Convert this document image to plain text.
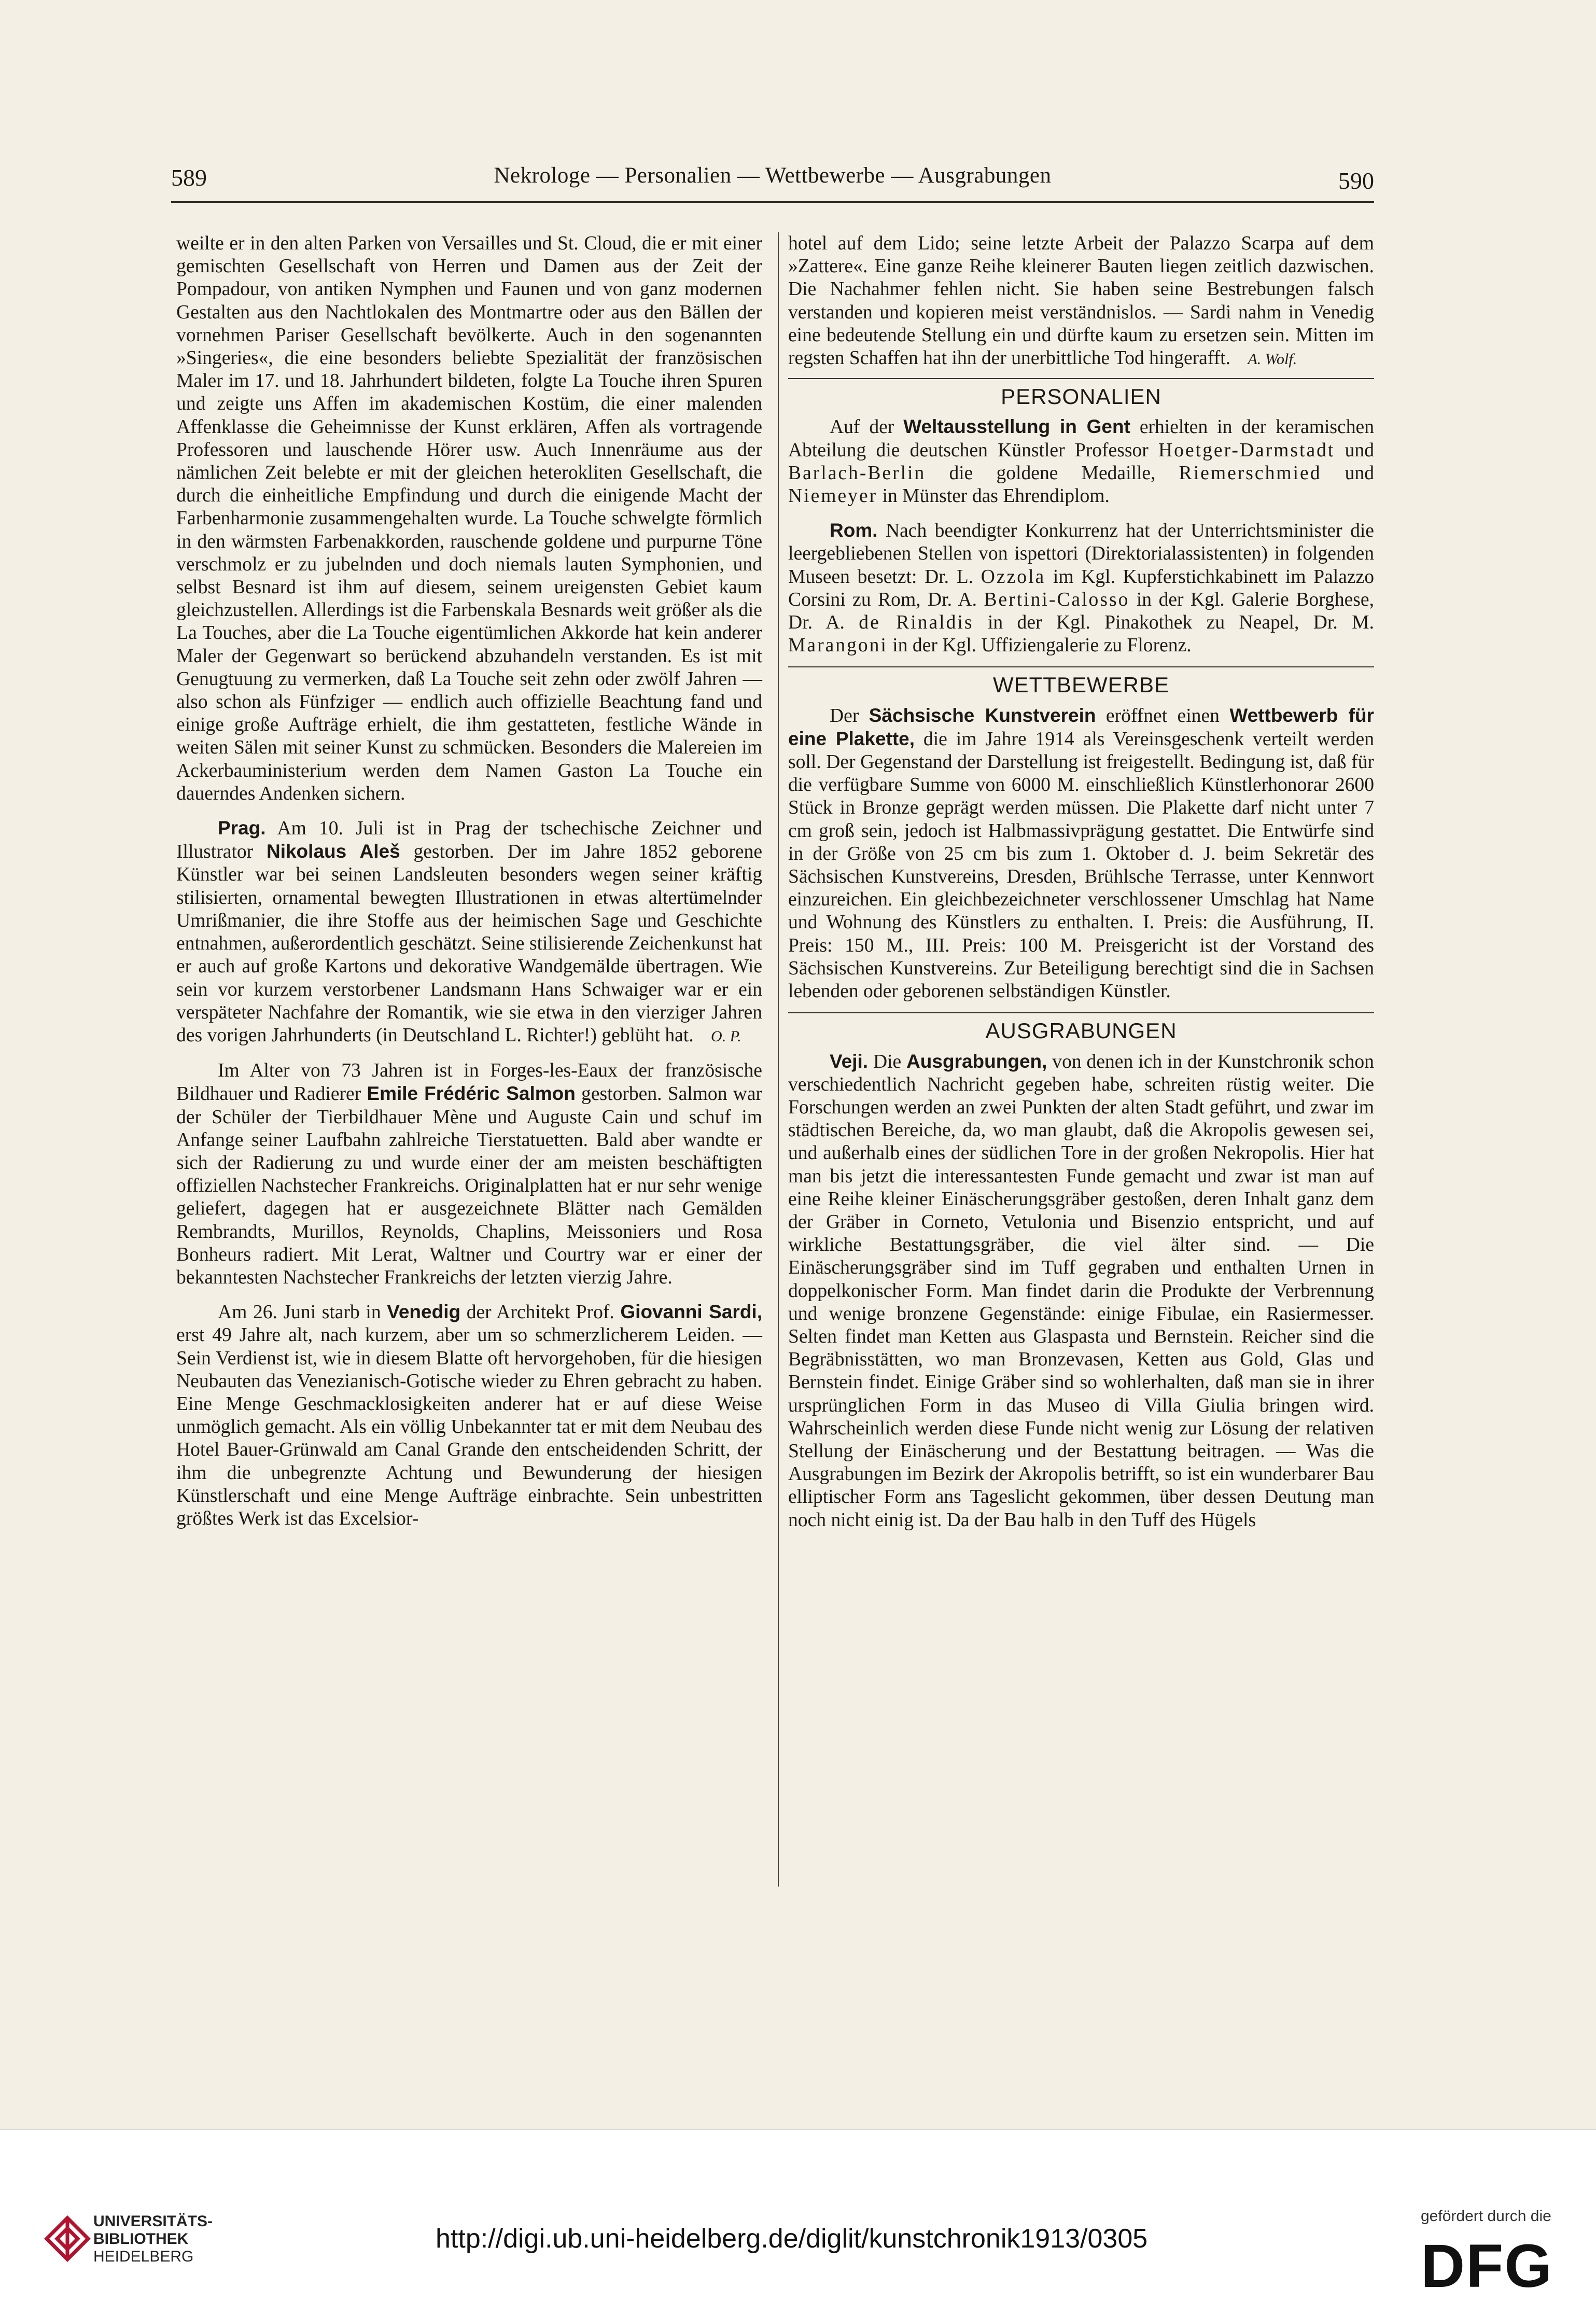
589	Nekrologe — Personalien — Wettbewerbe — Ausgrabungen	590

weilte er in den alten Parken von Versailles und St. Cloud, die er mit einer gemischten Gesellschaft von Herren und Damen aus der Zeit der Pompadour, von antiken Nymphen und Faunen und von ganz modernen Gestalten aus den Nachtlokalen des Montmartre oder aus den Bällen der vornehmen Pariser Gesellschaft bevölkerte. Auch in den sogenannten »Singeries«, die eine besonders beliebte Spezialität der französischen Maler im 17. und 18. Jahrhundert bildeten, folgte La Touche ihren Spuren und zeigte uns Affen im akademischen Kostüm, die einer malenden Affenklasse die Geheimnisse der Kunst erklären, Affen als vortragende Professoren und lauschende Hörer usw. Auch Innenräume aus der nämlichen Zeit belebte er mit der gleichen heterokliten Gesellschaft, die durch die einheitliche Empfindung und durch die einigende Macht der Farbenharmonie zusammengehalten wurde. La Touche schwelgte förmlich in den wärmsten Farbenakkorden, rauschende goldene und purpurne Töne verschmolz er zu jubelnden und doch niemals lauten Symphonien, und selbst Besnard ist ihm auf diesem, seinem ureigensten Gebiet kaum gleichzustellen. Allerdings ist die Farbenskala Besnards weit größer als die La Touches, aber die La Touche eigentümlichen Akkorde hat kein anderer Maler der Gegenwart so berückend abzuhandeln verstanden. Es ist mit Genugtuung zu vermerken, daß La Touche seit zehn oder zwölf Jahren — also schon als Fünfziger — endlich auch offizielle Beachtung fand und einige große Aufträge erhielt, die ihm gestatteten, festliche Wände in weiten Sälen mit seiner Kunst zu schmücken. Besonders die Malereien im Ackerbauministerium werden dem Namen Gaston La Touche ein dauerndes Andenken sichern.

Prag. Am 10. Juli ist in Prag der tschechische Zeichner und Illustrator Nikolaus Aleš gestorben. Der im Jahre 1852 geborene Künstler war bei seinen Landsleuten besonders wegen seiner kräftig stilisierten, ornamental bewegten Illustrationen in etwas altertümelnder Umrißmanier, die ihre Stoffe aus der heimischen Sage und Geschichte entnahmen, außerordentlich geschätzt. Seine stilisierende Zeichenkunst hat er auch auf große Kartons und dekorative Wandgemälde übertragen. Wie sein vor kurzem verstorbener Landsmann Hans Schwaiger war er ein verspäteter Nachfahre der Romantik, wie sie etwa in den vierziger Jahren des vorigen Jahrhunderts (in Deutschland L. Richter!) geblüht hat. O. P.

Im Alter von 73 Jahren ist in Forges-les-Eaux der französische Bildhauer und Radierer Emile Frédéric Salmon gestorben. Salmon war der Schüler der Tierbildhauer Mène und Auguste Cain und schuf im Anfange seiner Laufbahn zahlreiche Tierstatuetten. Bald aber wandte er sich der Radierung zu und wurde einer der am meisten beschäftigten offiziellen Nachstecher Frankreichs. Originalplatten hat er nur sehr wenige geliefert, dagegen hat er ausgezeichnete Blätter nach Gemälden Rembrandts, Murillos, Reynolds, Chaplins, Meissoniers und Rosa Bonheurs radiert. Mit Lerat, Waltner und Courtry war er einer der bekanntesten Nachstecher Frankreichs der letzten vierzig Jahre.

Am 26. Juni starb in Venedig der Architekt Prof. Giovanni Sardi, erst 49 Jahre alt, nach kurzem, aber um so schmerzlicherem Leiden. — Sein Verdienst ist, wie in diesem Blatte oft hervorgehoben, für die hiesigen Neubauten das Venezianisch-Gotische wieder zu Ehren gebracht zu haben. Eine Menge Geschmacklosigkeiten anderer hat er auf diese Weise unmöglich gemacht. Als ein völlig Unbekannter tat er mit dem Neubau des Hotel Bauer-Grünwald am Canal Grande den entscheidenden Schritt, der ihm die unbegrenzte Achtung und Bewunderung der hiesigen Künstlerschaft und eine Menge Aufträge einbrachte. Sein unbestritten größtes Werk ist das Excelsior-

hotel auf dem Lido; seine letzte Arbeit der Palazzo Scarpa auf dem »Zattere«. Eine ganze Reihe kleinerer Bauten liegen zeitlich dazwischen. Die Nachahmer fehlen nicht. Sie haben seine Bestrebungen falsch verstanden und kopieren meist verständnislos. — Sardi nahm in Venedig eine bedeutende Stellung ein und dürfte kaum zu ersetzen sein. Mitten im regsten Schaffen hat ihn der unerbittliche Tod hingerafft. A. Wolf.

PERSONALIEN

Auf der Weltausstellung in Gent erhielten in der keramischen Abteilung die deutschen Künstler Professor Hoetger-Darmstadt und Barlach-Berlin die goldene Medaille, Riemerschmied und Niemeyer in Münster das Ehrendiplom.

Rom. Nach beendigter Konkurrenz hat der Unterrichtsminister die leergebliebenen Stellen von ispettori (Direktorialassistenten) in folgenden Museen besetzt: Dr. L. Ozzola im Kgl. Kupferstichkabinett im Palazzo Corsini zu Rom, Dr. A. Bertini-Calosso in der Kgl. Galerie Borghese, Dr. A. de Rinaldis in der Kgl. Pinakothek zu Neapel, Dr. M. Marangoni in der Kgl. Uffiziengalerie zu Florenz.

WETTBEWERBE

Der Sächsische Kunstverein eröffnet einen Wettbewerb für eine Plakette, die im Jahre 1914 als Vereinsgeschenk verteilt werden soll. Der Gegenstand der Darstellung ist freigestellt. Bedingung ist, daß für die verfügbare Summe von 6000 M. einschließlich Künstlerhonorar 2600 Stück in Bronze geprägt werden müssen. Die Plakette darf nicht unter 7 cm groß sein, jedoch ist Halbmassivprägung gestattet. Die Entwürfe sind in der Größe von 25 cm bis zum 1. Oktober d. J. beim Sekretär des Sächsischen Kunstvereins, Dresden, Brühlsche Terrasse, unter Kennwort einzureichen. Ein gleichbezeichneter verschlossener Umschlag hat Name und Wohnung des Künstlers zu enthalten. I. Preis: die Ausführung, II. Preis: 150 M., III. Preis: 100 M. Preisgericht ist der Vorstand des Sächsischen Kunstvereins. Zur Beteiligung berechtigt sind die in Sachsen lebenden oder geborenen selbständigen Künstler.

AUSGRABUNGEN

Veji. Die Ausgrabungen, von denen ich in der Kunstchronik schon verschiedentlich Nachricht gegeben habe, schreiten rüstig weiter. Die Forschungen werden an zwei Punkten der alten Stadt geführt, und zwar im städtischen Bereiche, da, wo man glaubt, daß die Akropolis gewesen sei, und außerhalb eines der südlichen Tore in der großen Nekropolis. Hier hat man bis jetzt die interessantesten Funde gemacht und zwar ist man auf eine Reihe kleiner Einäscherungsgräber gestoßen, deren Inhalt ganz dem der Gräber in Corneto, Vetulonia und Bisenzio entspricht, und auf wirkliche Bestattungsgräber, die viel älter sind. — Die Einäscherungsgräber sind im Tuff gegraben und enthalten Urnen in doppelkonischer Form. Man findet darin die Produkte der Verbrennung und wenige bronzene Gegenstände: einige Fibulae, ein Rasiermesser. Selten findet man Ketten aus Glaspasta und Bernstein. Reicher sind die Begräbnisstätten, wo man Bronzevasen, Ketten aus Gold, Glas und Bernstein findet. Einige Gräber sind so wohlerhalten, daß man sie in ihrer ursprünglichen Form in das Museo di Villa Giulia bringen wird. Wahrscheinlich werden diese Funde nicht wenig zur Lösung der relativen Stellung der Einäscherung und der Bestattung beitragen. — Was die Ausgrabungen im Bezirk der Akropolis betrifft, so ist ein wunderbarer Bau elliptischer Form ans Tageslicht gekommen, über dessen Deutung man noch nicht einig ist. Da der Bau halb in den Tuff des Hügels

UNIVERSITÄTS-
BIBLIOTHEK
HEIDELBERG
http://digi.ub.uni-heidelberg.de/diglit/kunstchronik1913/0305
gefördert durch die
DFG
